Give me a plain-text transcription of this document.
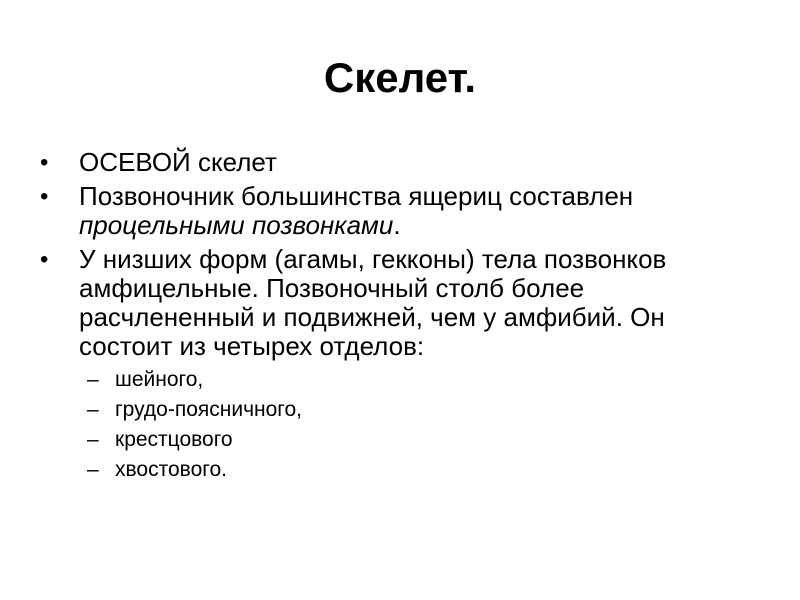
Скелет.
•	ОСЕВОЙ скелет
•	Позвоночник большинства ящериц составлен процельными позвонками.
•	У низших форм (агамы, гекконы) тела позвонков амфицельные. Позвоночный столб более расчлененный и подвижней, чем у амфибий. Он состоит из четырех отделов:
– шейного,
– грудо-поясничного,
– крестцового
– хвостового.
